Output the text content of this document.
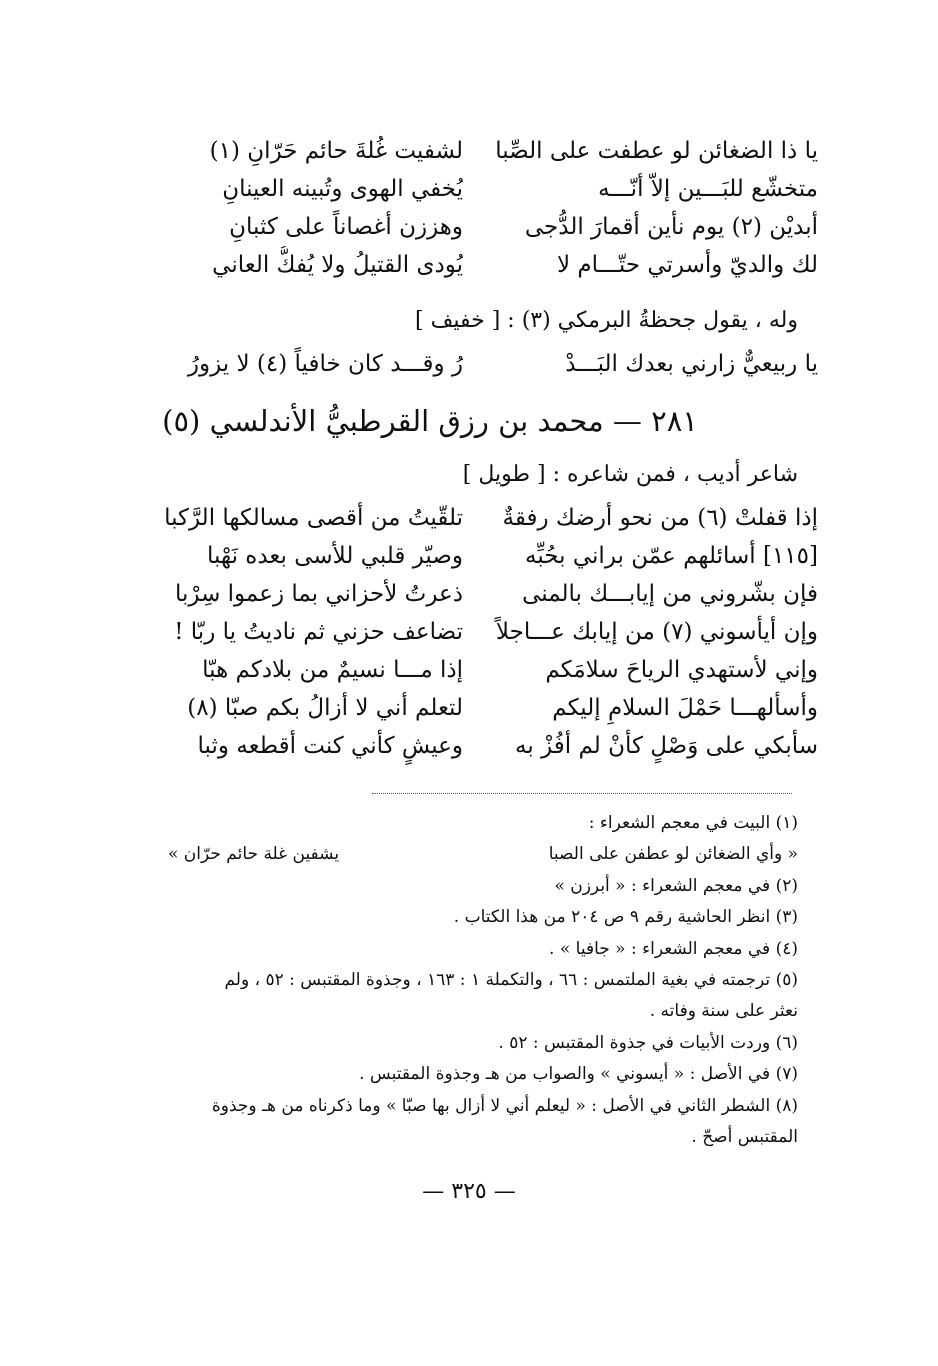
يا ذا الضغائن لو عطفت على الصِّبا
لشفيت غُلةَ حائم حَرّانِ (١)
متخشّع للبَـــين إلاّ أنّـــه
يُخفي الهوى وتُبينه العينانِ
أبديْن (٢) يوم نأين أقمارَ الدُّجى
وهززن أغصاناً على كثبانِ
لك والديّ وأسرتي حتّـــام لا
يُودى القتيلُ ولا يُفكُّ العاني
وله ، يقول جحظةُ البرمكي (٣) : [ خفيف ]
يا ربيعيٌّ زارني بعدك البَـــدْ
رُ وقـــد كان خافياً (٤) لا يزورُ
٢٨١ — محمد بن رزق القرطبيُّ الأندلسي (٥)
شاعر أديب ، فمن شاعره : [ طويل ]
إذا قفلتْ (٦) من نحو أرضك رفقةٌ
تلقّيتُ من أقصى مسالكها الرَّكبا
[١١٥] أسائلهم عمّن براني بحُبِّه
وصيّر قلبي للأسى بعده نَهْبا
فإن بشّروني من إيابـــك بالمنى
ذعرتُ لأحزاني بما زعموا سِرْبا
وإن أيأسوني (٧) من إيابك عـــاجلاً
تضاعف حزني ثم ناديتُ يا ربّا !
وإني لأستهدي الرياحَ سلامَكم
إذا مـــا نسيمٌ من بلادكم هبّا
وأسألهـــا حَمْلَ السلامِ إليكم
لتعلم أني لا أزالُ بكم صبّا (٨)
سأبكي على وَصْلٍ كأنْ لم أفُزْ به
وعيشٍ كأني كنت أقطعه وثبا
(١) البيت في معجم الشعراء :
« وأي الضغائن لو عطفن على الصبا
يشفين غلة حائم حرّان »
(٢) في معجم الشعراء : « أبرزن »
(٣) انظر الحاشية رقم ٩ ص ٢٠٤ من هذا الكتاب .
(٤) في معجم الشعراء : « جافيا » .
(٥) ترجمته في بغية الملتمس : ٦٦ ، والتكملة ١ : ١٦٣ ، وجذوة المقتبس : ٥٢ ، ولم
نعثر على سنة وفاته .
(٦) وردت الأبيات في جذوة المقتبس : ٥٢ .
(٧) في الأصل : « أيسوني » والصواب من هـ وجذوة المقتبس .
(٨) الشطر الثاني في الأصل : « ليعلم أني لا أزال بها صبّا » وما ذكرناه من هـ وجذوة
المقتبس أصحّ .
— ٣٢٥ —
